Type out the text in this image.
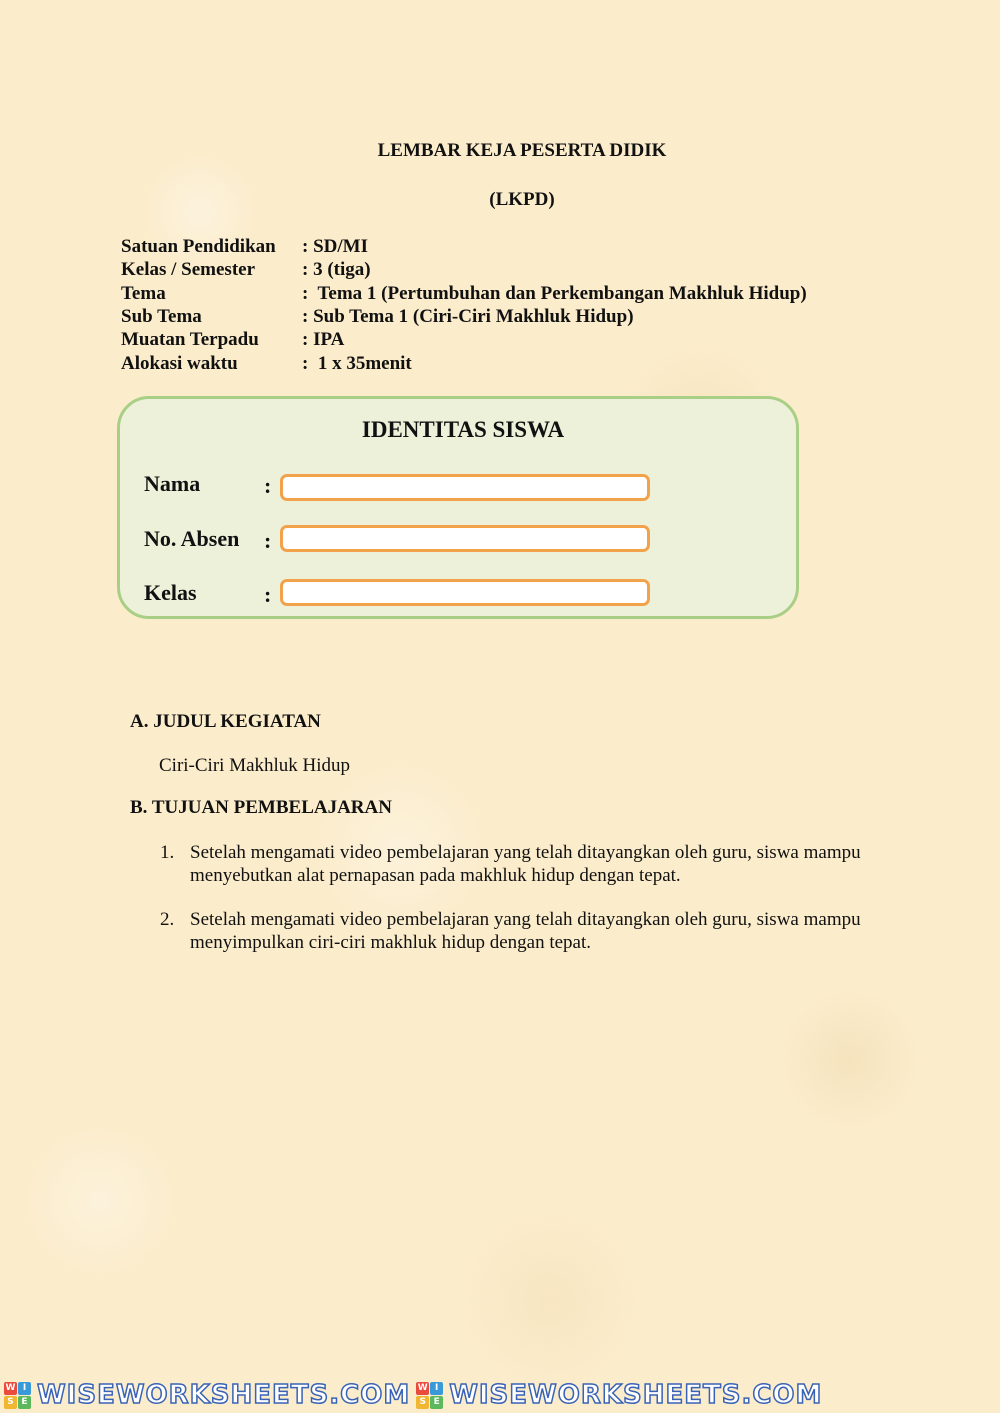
LEMBAR KEJA PESERTA DIDIK
(LKPD)
Satuan Pendidikan : SD/MI
Kelas / Semester : 3 (tiga)
Tema	:  Tema 1 (Pertumbuhan dan Perkembangan Makhluk Hidup)
Sub Tema	: Sub Tema 1 (Ciri-Ciri Makhluk Hidup)
Muatan Terpadu : IPA
Alokasi waktu	:  1 x 35menit
IDENTITAS SISWA
Nama	:
No. Absen :
Kelas	:
A. JUDUL KEGIATAN
Ciri-Ciri Makhluk Hidup
B. TUJUAN PEMBELAJARAN
1. Setelah mengamati video pembelajaran yang telah ditayangkan oleh guru, siswa mampu
menyebutkan alat pernapasan pada makhluk hidup dengan tepat.
2. Setelah mengamati video pembelajaran yang telah ditayangkan oleh guru, siswa mampu
menyimpulkan ciri-ciri makhluk hidup dengan tepat.
W I
S E WISEWORKSHEETS.COM W I
S E WISEWORKSHEETS.COM
